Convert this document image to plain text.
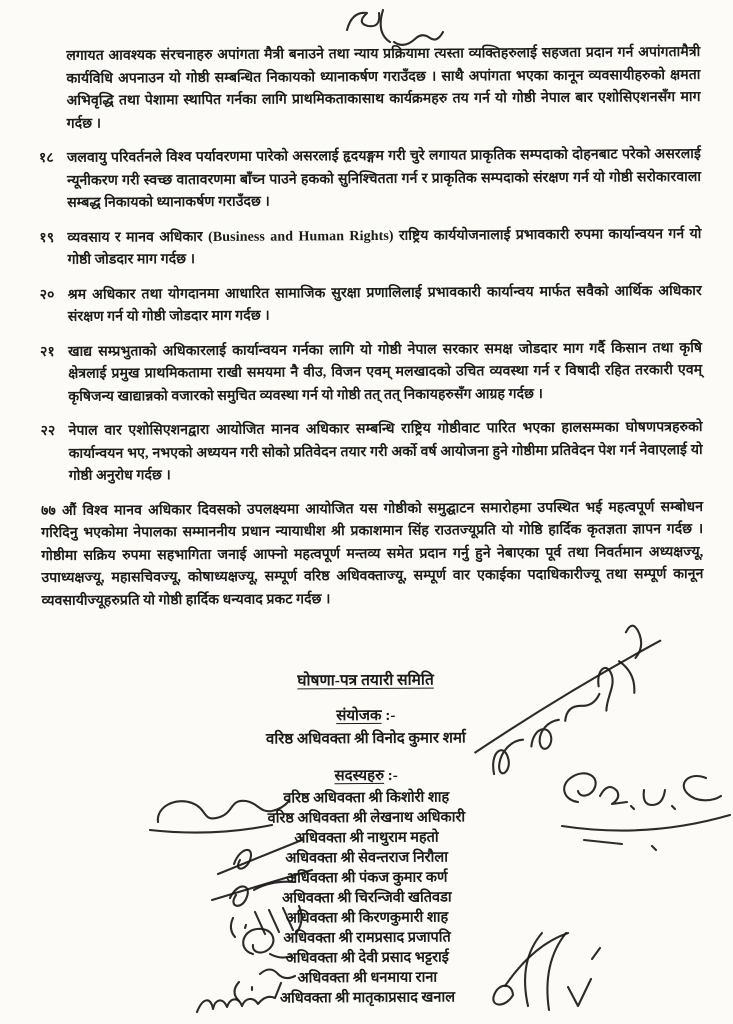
लगायत आवश्यक संरचनाहरु अपांगता मैत्री बनाउने तथा न्याय प्रक्रियामा त्यस्ता व्यक्तिहरुलाई सहजता प्रदान गर्न अपांगतामैत्री कार्यविधि अपनाउन यो गोष्ठी सम्बन्धित निकायको ध्यानाकर्षण गराउँदछ । साथै अपांगता भएका कानून व्यवसायीहरुको क्षमता अभिवृद्धि तथा पेशामा स्थापित गर्नका लागि प्राथमिकताकासाथ कार्यक्रमहरु तय गर्न यो गोष्ठी नेपाल बार एशोसिएशनसँग माग गर्दछ ।
१८ जलवायु परिवर्तनले विश्व पर्यावरणमा पारेको असरलाई हृदयङ्गम गरी चुरे लगायत प्राकृतिक सम्पदाको दोहनबाट परेको असरलाई न्यूनीकरण गरी स्वच्छ वातावरणमा बाँच्न पाउने हकको सुनिश्चितता गर्न र प्राकृतिक सम्पदाको संरक्षण गर्न यो गोष्ठी सरोकारवाला सम्बद्ध निकायको ध्यानाकर्षण गराउँदछ ।
१९ व्यवसाय र मानव अधिकार (Business and Human Rights) राष्ट्रिय कार्ययोजनालाई प्रभावकारी रुपमा कार्यान्वयन गर्न यो गोष्ठी जोडदार माग गर्दछ ।
२० श्रम अधिकार तथा योगदानमा आधारित सामाजिक सुरक्षा प्रणालिलाई प्रभावकारी कार्यान्वय मार्फत सवैको आर्थिक अधिकार संरक्षण गर्न यो गोष्ठी जोडदार माग गर्दछ ।
२१ खाद्य सम्प्रभुताको अधिकारलाई कार्यान्वयन गर्नका लागि यो गोष्ठी नेपाल सरकार समक्ष जोडदार माग गर्दै किसान तथा कृषि क्षेत्रलाई प्रमुख प्राथमिकतामा राखी समयमा नै वीउ, विजन एवम् मलखादको उचित व्यवस्था गर्न र विषादी रहित तरकारी एवम् कृषिजन्य खाद्यान्नको वजारको समुचित व्यवस्था गर्न यो गोष्ठी तत् तत् निकायहरुसँग आग्रह गर्दछ ।
२२ नेपाल वार एशोसिएशनद्वारा आयोजित मानव अधिकार सम्बन्धि राष्ट्रिय गोष्ठीवाट पारित भएका हालसम्मका घोषणपत्रहरुको कार्यान्वयन भए, नभएको अध्ययन गरी सोको प्रतिवेदन तयार गरी अर्को वर्ष आयोजना हुने गोष्ठीमा प्रतिवेदन पेश गर्न नेवाएलाई यो गोष्ठी अनुरोध गर्दछ ।
७७ औं विश्व मानव अधिकार दिवसको उपलक्ष्यमा आयोजित यस गोष्ठीको समुद्घाटन समारोहमा उपस्थित भई महत्वपूर्ण सम्बोधन गरिदिनु भएकोमा नेपालका सम्माननीय प्रधान न्यायाधीश श्री प्रकाशमान सिंह राउतज्यूप्रति यो गोष्ठि हार्दिक कृतज्ञता ज्ञापन गर्दछ । गोष्ठीमा सक्रिय रुपमा सहभागिता जनाई आफ्नो महत्वपूर्ण मन्तव्य समेत प्रदान गर्नु हुने नेबाएका पूर्व तथा निवर्तमान अध्यक्षज्यू, उपाध्यक्षज्यू, महासचिवज्यू, कोषाध्यक्षज्यू, सम्पूर्ण वरिष्ठ अधिवक्ताज्यू, सम्पूर्ण वार एकाईका पदाधिकारीज्यू तथा सम्पूर्ण कानून व्यवसायीज्यूहरुप्रति यो गोष्ठी हार्दिक धन्यवाद प्रकट गर्दछ ।
घोषणा-पत्र तयारी समिति
संयोजक :-
वरिष्ठ अधिवक्ता श्री विनोद कुमार शर्मा
सदस्यहरु :-
वरिष्ठ अधिवक्ता श्री किशोरी शाह
वरिष्ठ अधिवक्ता श्री लेखनाथ अधिकारी
अधिवक्ता श्री नाथुराम महतो
अधिवक्ता श्री सेवन्तराज निरौला
अधिवक्ता श्री पंकज कुमार कर्ण
अधिवक्ता श्री चिरन्जिवी खतिवडा
अधिवक्ता श्री किरणकुमारी शाह
अधिवक्ता श्री रामप्रसाद प्रजापति
अधिवक्ता श्री देवी प्रसाद भट्टराई
अधिवक्ता श्री धनमाया राना
अधिवक्ता श्री मातृकाप्रसाद खनाल
